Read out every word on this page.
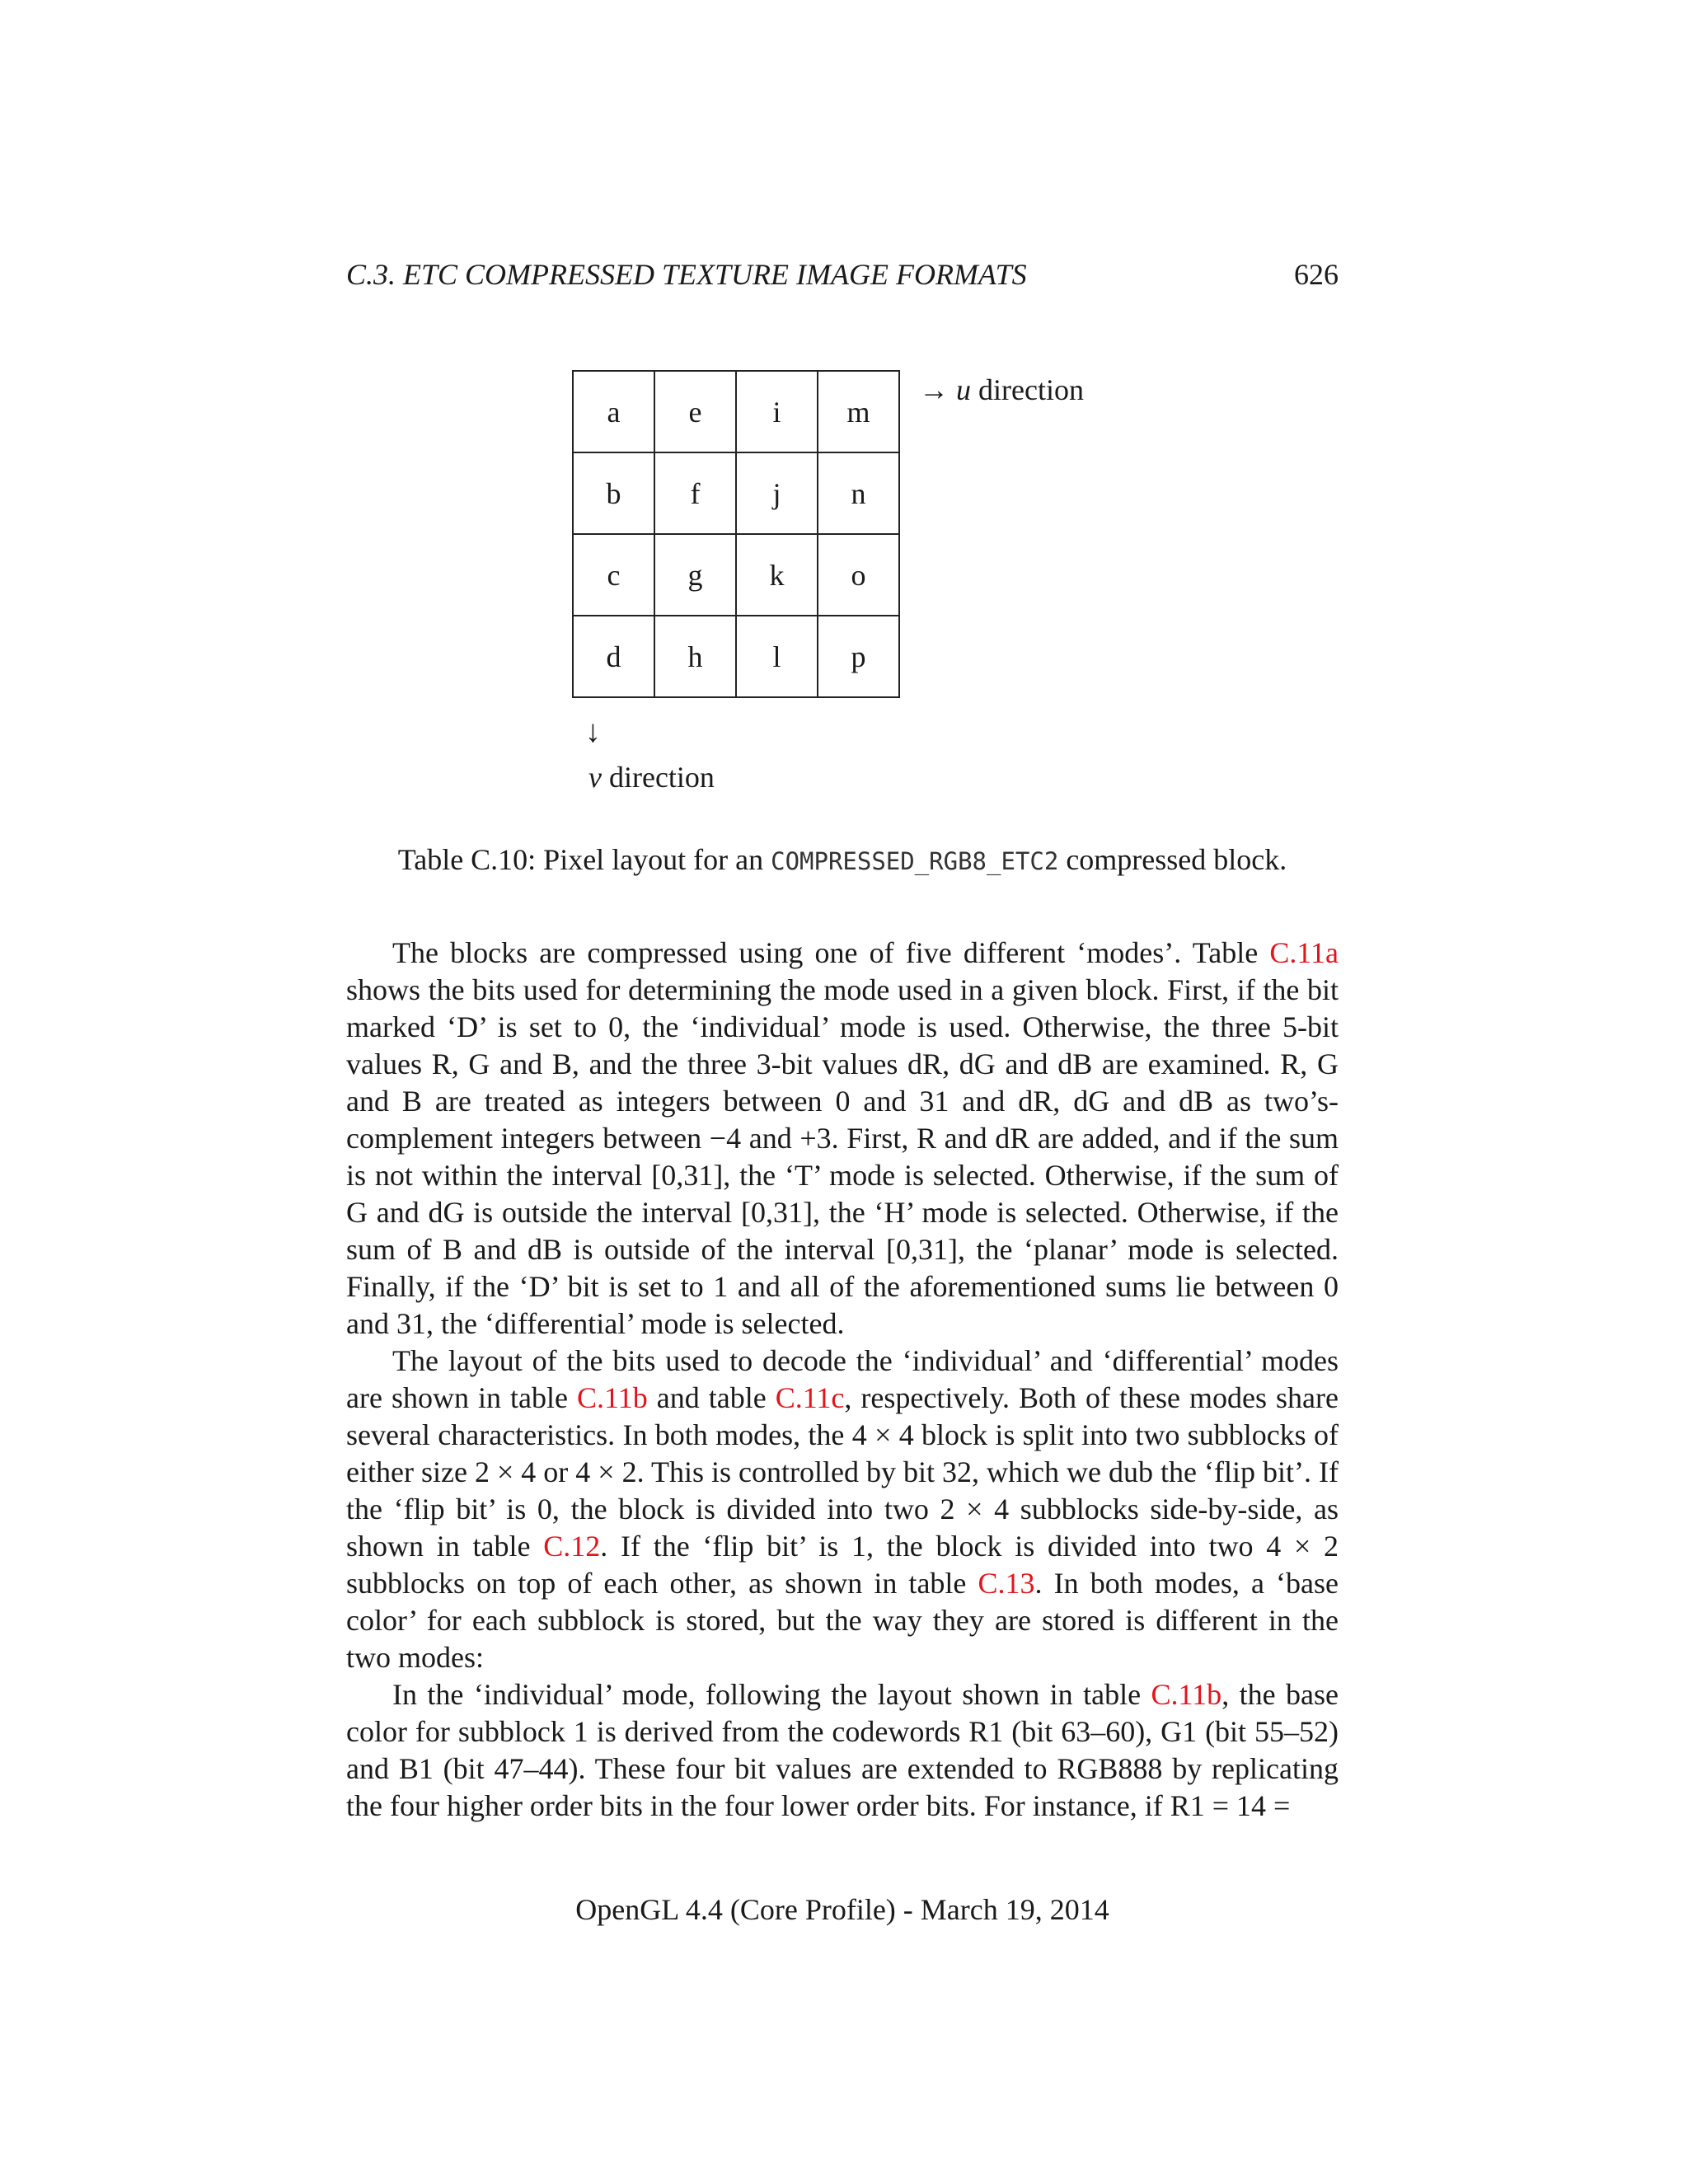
C.3. ETC COMPRESSED TEXTURE IMAGE FORMATS	626
a	e	i	m
b	f	j	n
c	g	k	o
d	h	l	p
→ u direction
↓
v direction
Table C.10: Pixel layout for an COMPRESSED_RGB8_ETC2 compressed block.

The blocks are compressed using one of five different ‘modes’. Table C.11a shows the bits used for determining the mode used in a given block. First, if the bit marked ‘D’ is set to 0, the ‘individual’ mode is used. Otherwise, the three 5-bit values R, G and B, and the three 3-bit values dR, dG and dB are examined. R, G and B are treated as integers between 0 and 31 and dR, dG and dB as two’s-complement integers between −4 and +3. First, R and dR are added, and if the sum is not within the interval [0,31], the ‘T’ mode is selected. Otherwise, if the sum of G and dG is outside the interval [0,31], the ‘H’ mode is selected. Otherwise, if the sum of B and dB is outside of the interval [0,31], the ‘planar’ mode is selected. Finally, if the ‘D’ bit is set to 1 and all of the aforementioned sums lie between 0 and 31, the ‘differential’ mode is selected.

The layout of the bits used to decode the ‘individual’ and ‘differential’ modes are shown in table C.11b and table C.11c, respectively. Both of these modes share several characteristics. In both modes, the 4 × 4 block is split into two subblocks of either size 2 × 4 or 4 × 2. This is controlled by bit 32, which we dub the ‘flip bit’. If the ‘flip bit’ is 0, the block is divided into two 2 × 4 subblocks side-by-side, as shown in table C.12. If the ‘flip bit’ is 1, the block is divided into two 4 × 2 subblocks on top of each other, as shown in table C.13. In both modes, a ‘base color’ for each subblock is stored, but the way they are stored is different in the two modes:

In the ‘individual’ mode, following the layout shown in table C.11b, the base color for subblock 1 is derived from the codewords R1 (bit 63–60), G1 (bit 55–52) and B1 (bit 47–44). These four bit values are extended to RGB888 by replicating the four higher order bits in the four lower order bits. For instance, if R1 = 14 =

OpenGL 4.4 (Core Profile) - March 19, 2014
